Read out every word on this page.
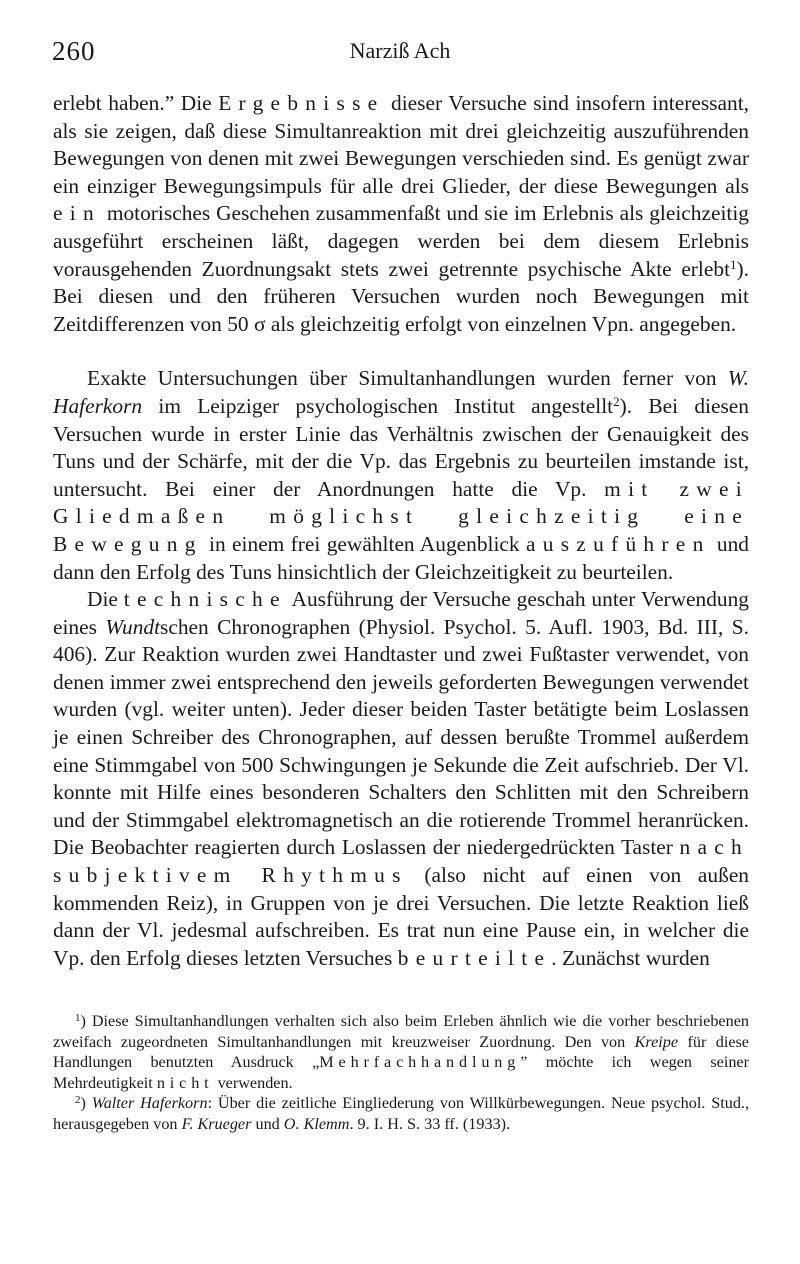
260	Narziß Ach

erlebt haben.” Die Ergebnisse dieser Versuche sind insofern interessant, als sie zeigen, daß diese Simultanreaktion mit drei gleichzeitig auszuführenden Bewegungen von denen mit zwei Bewegungen verschieden sind. Es genügt zwar ein einziger Bewegungsimpuls für alle drei Glieder, der diese Bewegungen als ein motorisches Geschehen zusammenfaßt und sie im Erlebnis als gleichzeitig ausgeführt erscheinen läßt, dagegen werden bei dem diesem Erlebnis vorausgehenden Zuordnungsakt stets zwei getrennte psychische Akte erlebt$^1$). Bei diesen und den früheren Versuchen wurden noch Bewegungen mit Zeitdifferenzen von 50 σ als gleichzeitig erfolgt von einzelnen Vpn. angegeben.

Exakte Untersuchungen über Simultanhandlungen wurden ferner von W. Haferkorn im Leipziger psychologischen Institut angestellt$^2$). Bei diesen Versuchen wurde in erster Linie das Verhältnis zwischen der Genauigkeit des Tuns und der Schärfe, mit der die Vp. das Ergebnis zu beurteilen imstande ist, untersucht. Bei einer der Anordnungen hatte die Vp. mit zwei Gliedmaßen möglichst gleichzeitig eine Bewegung in einem frei gewählten Augenblick auszuführen und dann den Erfolg des Tuns hinsichtlich der Gleichzeitigkeit zu beurteilen.

Die technische Ausführung der Versuche geschah unter Verwendung eines Wundtschen Chronographen (Physiol. Psychol. 5. Aufl. 1903, Bd. III, S. 406). Zur Reaktion wurden zwei Handtaster und zwei Fußtaster verwendet, von denen immer zwei entsprechend den jeweils geforderten Bewegungen verwendet wurden (vgl. weiter unten). Jeder dieser beiden Taster betätigte beim Loslassen je einen Schreiber des Chronographen, auf dessen berußte Trommel außerdem eine Stimmgabel von 500 Schwingungen je Sekunde die Zeit aufschrieb. Der Vl. konnte mit Hilfe eines besonderen Schalters den Schlitten mit den Schreibern und der Stimmgabel elektromagnetisch an die rotierende Trommel heranrücken. Die Beobachter reagierten durch Loslassen der niedergedrückten Taster nach subjektivem Rhythmus (also nicht auf einen von außen kommenden Reiz), in Gruppen von je drei Versuchen. Die letzte Reaktion ließ dann der Vl. jedesmal aufschreiben. Es trat nun eine Pause ein, in welcher die Vp. den Erfolg dieses letzten Versuches beurteilte. Zunächst wurden

$^1$) Diese Simultanhandlungen verhalten sich also beim Erleben ähnlich wie die vorher beschriebenen zweifach zugeordneten Simultanhandlungen mit kreuzweiser Zuordnung. Den von Kreipe für diese Handlungen benutzten Ausdruck „Mehrfachhandlung” möchte ich wegen seiner Mehrdeutigkeit nicht verwenden.

$^2$) Walter Haferkorn: Über die zeitliche Eingliederung von Willkürbewegungen. Neue psychol. Stud., herausgegeben von F. Krueger und O. Klemm. 9. I. H. S. 33 ff. (1933).
